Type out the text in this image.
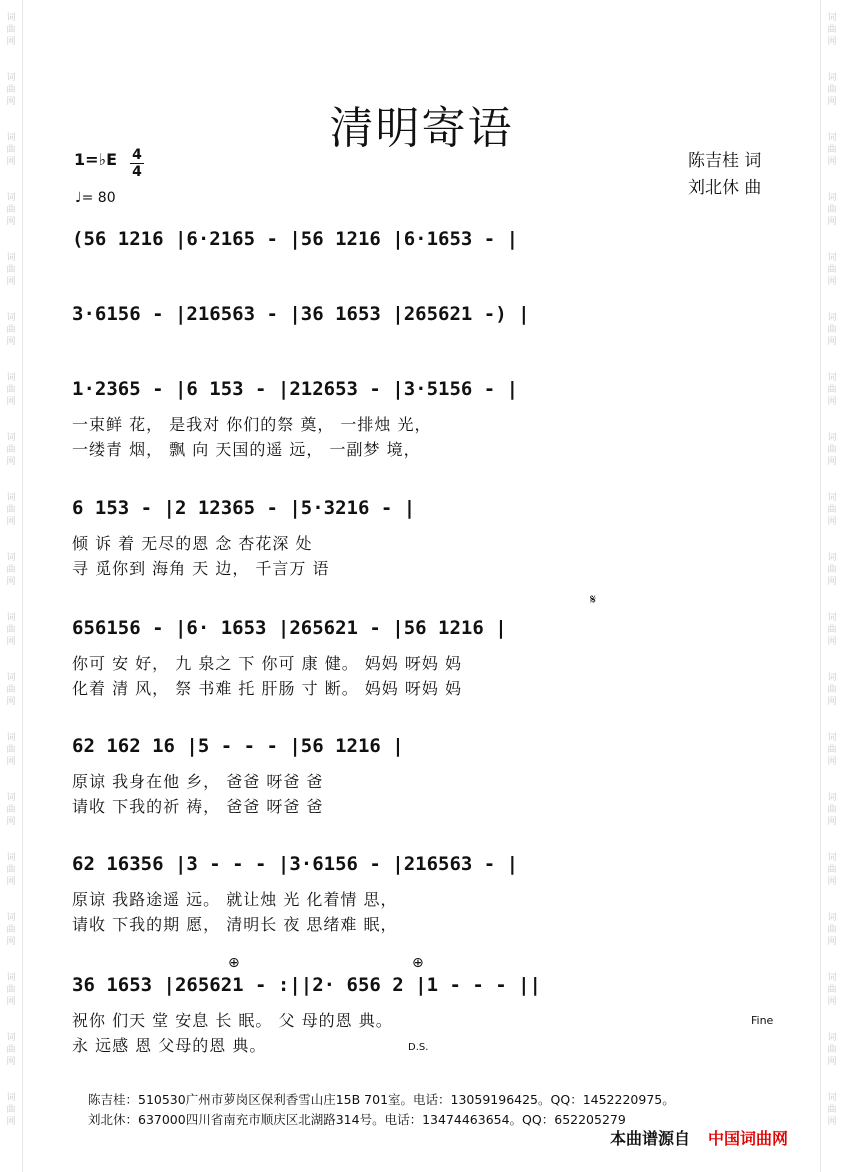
词
曲
网
词
曲
网
词
曲
网
词
曲
网
词
曲
网
词
曲
网
词
曲
网
词
曲
网
词
曲
网
词
曲
网
词
曲
网
词
曲
网
词
曲
网
词
曲
网
词
曲
网
词
曲
网
词
曲
网
词
曲
网
词
曲
网
词
曲
网
词
曲
网
词
曲
网
词
曲
网
词
曲
网
词
曲
网
词
曲
网
词
曲
网
词
曲
网
词
曲
网
词
曲
网
词
曲
网
词
曲
网
词
曲
网
词
曲
网
词
曲
网
词
曲
网
词
曲
网
词
曲
网
清明寄语
1=♭E 4
4
♩= 80
陈吉桂 词
刘北休 曲
(56 1216 |6·2165 - |56 1216 |6·1653 - |
3·6156 - |216563 - |36 1653 |265621 -) |
1·2365 - |6 153 - |212653 - |3·5156 - |
一束鲜 花， 是我对 你们的祭 奠， 一排烛 光，
一缕青 烟， 飘 向 天国的遥 远， 一副梦 境，
6 153 - |2 12365 - |5·3216 - |
倾 诉 着 无尽的恩 念 杏花深 处
寻 觅你到 海角 天 边， 千言万 语
656156 - |6· 1653 |265621 - |56 1216 |
你可 安 好， 九 泉之 下 你可 康 健。 妈妈 呀妈 妈
化着 清 风， 祭 书难 托 肝肠 寸 断。 妈妈 呀妈 妈
62 162 16 |5 - - - |56 1216 |
原谅 我身在他 乡， 爸爸 呀爸 爸
请收 下我的祈 祷， 爸爸 呀爸 爸
62 16356 |3 - - - |3·6156 - |216563 - |
原谅 我路途遥 远。 就让烛 光 化着情 思，
请收 下我的期 愿， 清明长 夜 思绪难 眠，
36 1653 |265621 - :||2· 656 2 |1 - - - ||
祝你 们天 堂 安息 长 眠。 父 母的恩 典。
永 远感 恩 父母的恩 典。
𝄋
⊕	⊕
Fine
D.S.
陈吉桂：510530广州市萝岗区保利香雪山庄15B 701室。电话：13059196425。QQ：1452220975。
刘北休：637000四川省南充市顺庆区北湖路314号。电话：13474463654。QQ：652205279
本曲谱源自 中国词曲网
